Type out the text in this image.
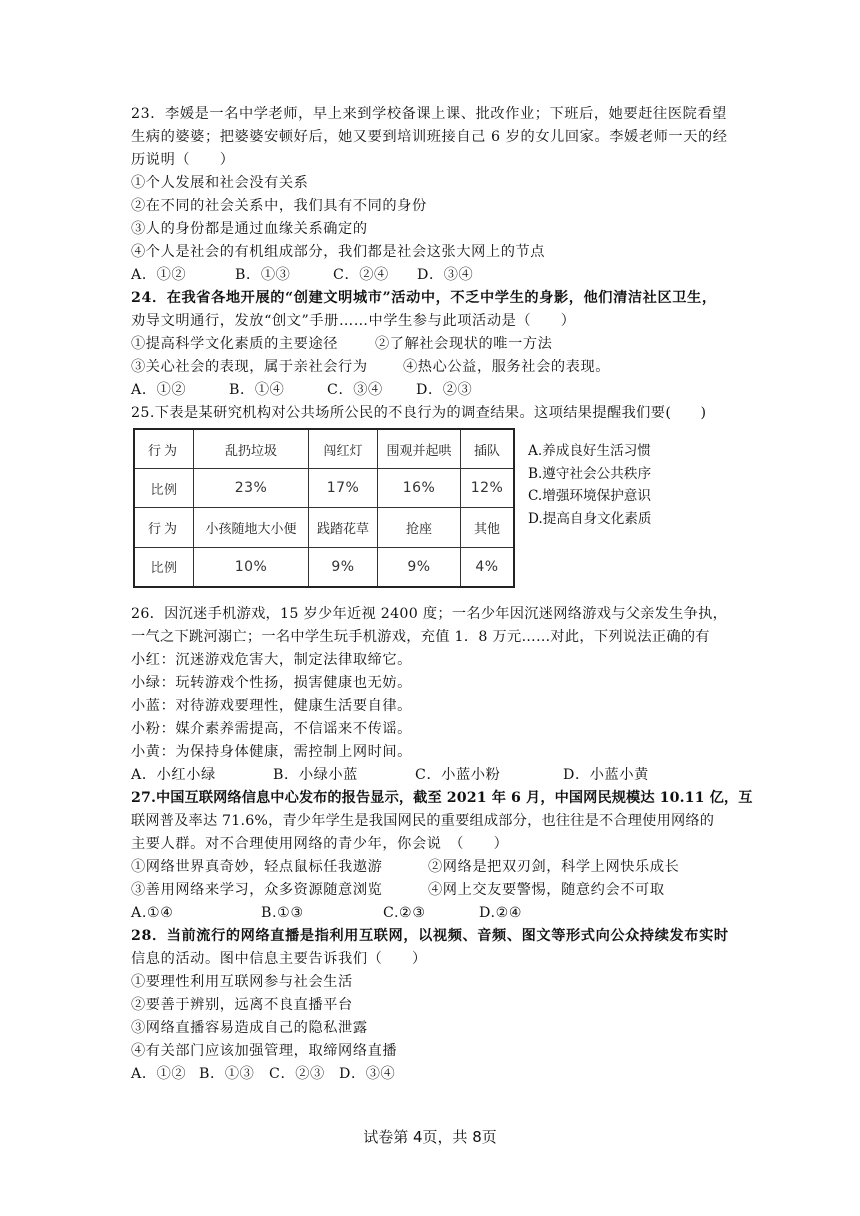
23．李媛是一名中学老师，早上来到学校备课上课、批改作业；下班后，她要赶往医院看望
生病的婆婆；把婆婆安顿好后，她又要到培训班接自己 6 岁的女儿回家。李媛老师一天的经
历说明（　　）
①个人发展和社会没有关系
②在不同的社会关系中，我们具有不同的身份
③人的身份都是通过血缘关系确定的
④个人是社会的有机组成部分，我们都是社会这张大网上的节点
A．①②	B．①③	C．②④ D．③④
24．在我省各地开展的“创建文明城市”活动中，不乏中学生的身影，他们清洁社区卫生，
劝导文明通行，发放“创文”手册……中学生参与此项活动是（　　）
①提高科学文化素质的主要途径	②了解社会现状的唯一方法
③关心社会的表现，属于亲社会行为 ④热心公益，服务社会的表现。
A．①②	B．①④	C．③④ D．②③
25.下表是某研究机构对公共场所公民的不良行为的调查结果。这项结果提醒我们要(　　)
行为	乱扔垃圾	闯红灯	围观并起哄	插队
比例	23%	17%	16%	12%
行为	小孩随地大小便	践踏花草	抢座	其他
比例	10%	9%	9%	4%
A.养成良好生活习惯
B.遵守社会公共秩序
C.增强环境保护意识
D.提高自身文化素质
26．因沉迷手机游戏，15 岁少年近视 2400 度；一名少年因沉迷网络游戏与父亲发生争执，
一气之下跳河溺亡；一名中学生玩手机游戏，充值 1．8 万元……对此，下列说法正确的有
小红：沉迷游戏危害大，制定法律取缔它。
小绿：玩转游戏个性扬，损害健康也无妨。
小蓝：对待游戏要理性，健康生活要自律。
小粉：媒介素养需提高，不信谣来不传谣。
小黄：为保持身体健康，需控制上网时间。
A．小红小绿	B．小绿小蓝	C．小蓝小粉	D．小蓝小黄
27.中国互联网络信息中心发布的报告显示，截至 2021 年 6 月，中国网民规模达 10.11 亿，互
联网普及率达 71.6%，青少年学生是我国网民的重要组成部分，也往往是不合理使用网络的
主要人群。对不合理使用网络的青少年，你会说　（　　）
①网络世界真奇妙，轻点鼠标任我遨游	②网络是把双刃剑，科学上网快乐成长
③善用网络来学习，众多资源随意浏览	④网上交友要警惕，随意约会不可取
A.①④	B.①③	C.②③	D.②④
28．当前流行的网络直播是指利用互联网，以视频、音频、图文等形式向公众持续发布实时
信息的活动。图中信息主要告诉我们（　　）
①要理性利用互联网参与社会生活
②要善于辨别，远离不良直播平台
③网络直播容易造成自己的隐私泄露
④有关部门应该加强管理，取缔网络直播
A．①② B．①③ C．②③ D．③④
试卷第 4页，共 8页
